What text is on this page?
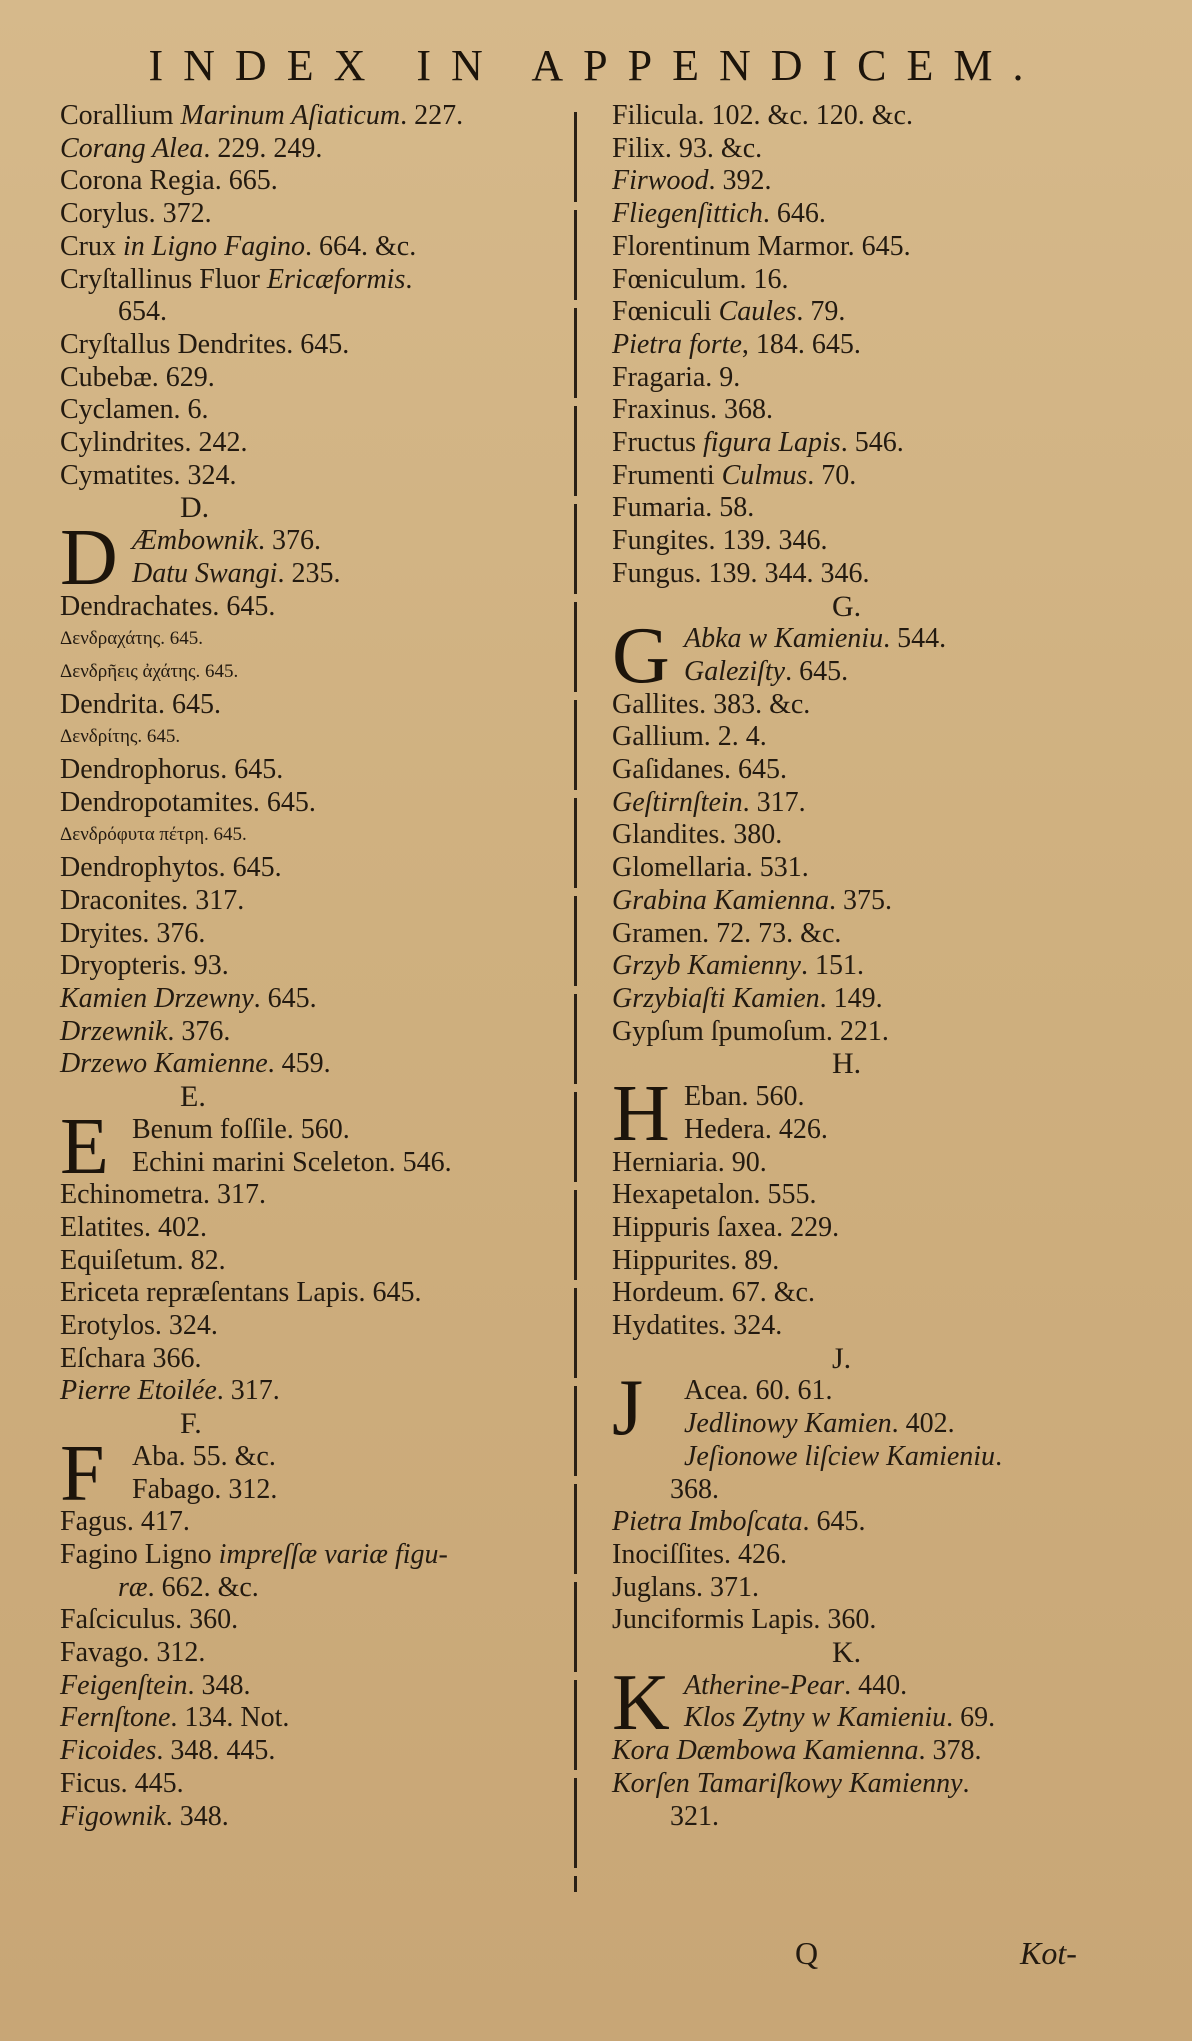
INDEX IN APPENDICEM.
Corallium Marinum Aſiaticum. 227.
Corang Alea. 229. 249.
Corona Regia. 665.
Corylus. 372.
Crux in Ligno Fagino. 664. &c.
Cryſtallinus Fluor Ericæformis.
654.
Cryſtallus Dendrites. 645.
Cubebæ. 629.
Cyclamen. 6.
Cylindrites. 242.
Cymatites. 324.
D.
D Æmbownik. 376.
Datu Swangi. 235.
Dendrachates. 645.
Δενδραχάτης. 645.
Δενδρῆεις ἀχάτης. 645.
Dendrita. 645.
Δενδρίτης. 645.
Dendrophorus. 645.
Dendropotamites. 645.
Δενδρόφυτα πέτρη. 645.
Dendrophytos. 645.
Draconites. 317.
Dryites. 376.
Dryopteris. 93.
Kamien Drzewny. 645.
Drzewnik. 376.
Drzewo Kamienne. 459.
E.
E Benum foſſile. 560.
Echini marini Sceleton. 546.
Echinometra. 317.
Elatites. 402.
Equiſetum. 82.
Ericeta repræſentans Lapis. 645.
Erotylos. 324.
Eſchara 366.
Pierre Etoilée. 317.
F.
F Aba. 55. &c.
Fabago. 312.
Fagus. 417.
Fagino Ligno impreſſæ variæ figu-
ræ. 662. &c.
Faſciculus. 360.
Favago. 312.
Feigenſtein. 348.
Fernſtone. 134. Not.
Ficoides. 348. 445.
Ficus. 445.
Figownik. 348.
Filicula. 102. &c. 120. &c.
Filix. 93. &c.
Firwood. 392.
Fliegenſittich. 646.
Florentinum Marmor. 645.
Fœniculum. 16.
Fœniculi Caules. 79.
Pietra forte, 184. 645.
Fragaria. 9.
Fraxinus. 368.
Fructus figura Lapis. 546.
Frumenti Culmus. 70.
Fumaria. 58.
Fungites. 139. 346.
Fungus. 139. 344. 346.
G.
G Abka w Kamieniu. 544.
Galeziſty. 645.
Gallites. 383. &c.
Gallium. 2. 4.
Gaſidanes. 645.
Geſtirnſtein. 317.
Glandites. 380.
Glomellaria. 531.
Grabina Kamienna. 375.
Gramen. 72. 73. &c.
Grzyb Kamienny. 151.
Grzybiaſti Kamien. 149.
Gypſum ſpumoſum. 221.
H.
H Eban. 560.
Hedera. 426.
Herniaria. 90.
Hexapetalon. 555.
Hippuris ſaxea. 229.
Hippurites. 89.
Hordeum. 67. &c.
Hydatites. 324.
J.
J Acea. 60. 61.
Jedlinowy Kamien. 402.
Jeſionowe liſciew Kamieniu.
368.
Pietra Imboſcata. 645.
Inociſſites. 426.
Juglans. 371.
Junciformis Lapis. 360.
K.
K Atherine-Pear. 440.
Klos Zytny w Kamieniu. 69.
Kora Dæmbowa Kamienna. 378.
Korſen Tamariſkowy Kamienny.
321.
Q	Kot-
